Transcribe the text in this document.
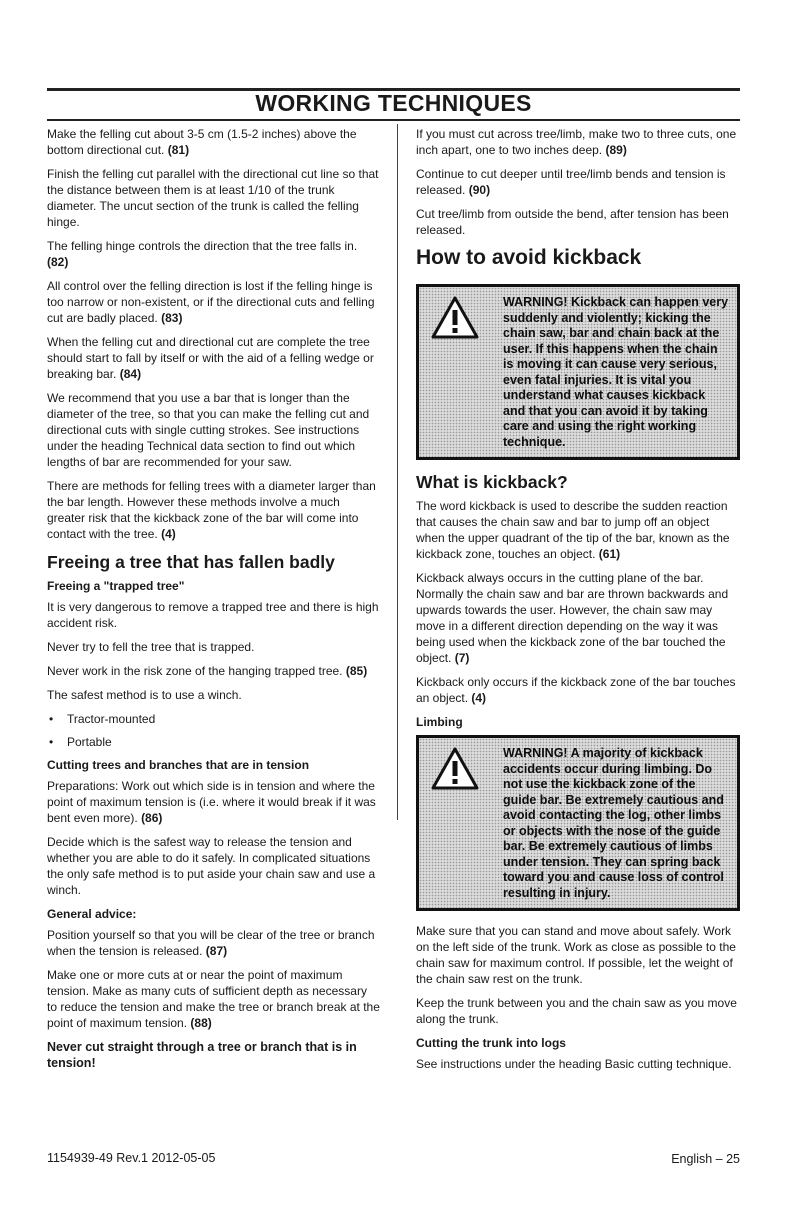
WORKING TECHNIQUES

Make the felling cut about 3-5 cm (1.5-2 inches) above the bottom directional cut. (81)

Finish the felling cut parallel with the directional cut line so that the distance between them is at least 1/10 of the trunk diameter. The uncut section of the trunk is called the felling hinge.

The felling hinge controls the direction that the tree falls in. (82)

All control over the felling direction is lost if the felling hinge is too narrow or non-existent, or if the directional cuts and felling cut are badly placed. (83)

When the felling cut and directional cut are complete the tree should start to fall by itself or with the aid of a felling wedge or breaking bar. (84)

We recommend that you use a bar that is longer than the diameter of the tree, so that you can make the felling cut and directional cuts with single cutting strokes. See instructions under the heading Technical data section to find out which lengths of bar are recommended for your saw.

There are methods for felling trees with a diameter larger than the bar length. However these methods involve a much greater risk that the kickback zone of the bar will come into contact with the tree. (4)

Freeing a tree that has fallen badly
Freeing a "trapped tree"

It is very dangerous to remove a trapped tree and there is high accident risk.

Never try to fell the tree that is trapped.

Never work in the risk zone of the hanging trapped tree. (85)

The safest method is to use a winch.

• Tractor-mounted
• Portable
Cutting trees and branches that are in tension

Preparations: Work out which side is in tension and where the point of maximum tension is (i.e. where it would break if it was bent even more). (86)

Decide which is the safest way to release the tension and whether you are able to do it safely. In complicated situations the only safe method is to put aside your chain saw and use a winch.

General advice:

Position yourself so that you will be clear of the tree or branch when the tension is released. (87)

Make one or more cuts at or near the point of maximum tension. Make as many cuts of sufficient depth as necessary to reduce the tension and make the tree or branch break at the point of maximum tension. (88)

Never cut straight through a tree or branch that is in tension!

If you must cut across tree/limb, make two to three cuts, one inch apart, one to two inches deep. (89)

Continue to cut deeper until tree/limb bends and tension is released. (90)

Cut tree/limb from outside the bend, after tension has been released.

How to avoid kickback
WARNING! Kickback can happen very suddenly and violently; kicking the chain saw, bar and chain back at the user. If this happens when the chain is moving it can cause very serious, even fatal injuries. It is vital you understand what causes kickback and that you can avoid it by taking care and using the right working technique.
What is kickback?

The word kickback is used to describe the sudden reaction that causes the chain saw and bar to jump off an object when the upper quadrant of the tip of the bar, known as the kickback zone, touches an object. (61)

Kickback always occurs in the cutting plane of the bar. Normally the chain saw and bar are thrown backwards and upwards towards the user. However, the chain saw may move in a different direction depending on the way it was being used when the kickback zone of the bar touched the object. (7)

Kickback only occurs if the kickback zone of the bar touches an object. (4)

Limbing
WARNING! A majority of kickback accidents occur during limbing. Do not use the kickback zone of the guide bar. Be extremely cautious and avoid contacting the log, other limbs or objects with the nose of the guide bar. Be extremely cautious of limbs under tension. They can spring back toward you and cause loss of control resulting in injury.

Make sure that you can stand and move about safely. Work on the left side of the trunk. Work as close as possible to the chain saw for maximum control. If possible, let the weight of the chain saw rest on the trunk.

Keep the trunk between you and the chain saw as you move along the trunk.

Cutting the trunk into logs

See instructions under the heading Basic cutting technique.

1154939-49 Rev.1 2012-05-05	English – 25
